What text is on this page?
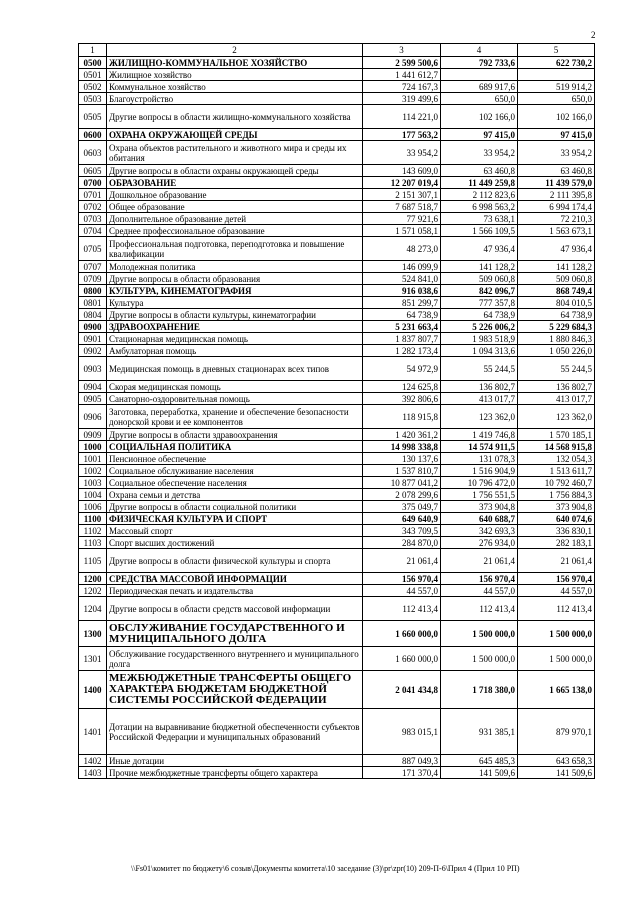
2
1	2	3	4	5
0500	ЖИЛИЩНО-КОММУНАЛЬНОЕ ХОЗЯЙСТВО	2 599 500,6	792 733,6	622 730,2
0501	Жилищное хозяйство	1 441 612,7		
0502	Коммунальное хозяйство	724 167,3	689 917,6	519 914,2
0503	Благоустройство	319 499,6	650,0	650,0
0505	Другие вопросы в области жилищно-коммунального хозяйства	114 221,0	102 166,0	102 166,0
0600	ОХРАНА ОКРУЖАЮЩЕЙ СРЕДЫ	177 563,2	97 415,0	97 415,0
0603	Охрана объектов растительного и животного мира и среды их обитания	33 954,2	33 954,2	33 954,2
0605	Другие вопросы в области охраны окружающей среды	143 609,0	63 460,8	63 460,8
0700	ОБРАЗОВАНИЕ	12 207 019,4	11 449 259,8	11 439 579,0
0701	Дошкольное образование	2 151 307,1	2 112 823,6	2 111 395,8
0702	Общее образование	7 687 518,7	6 998 563,2	6 994 174,4
0703	Дополнительное образование детей	77 921,6	73 638,1	72 210,3
0704	Среднее профессиональное образование	1 571 058,1	1 566 109,5	1 563 673,1
0705	Профессиональная подготовка, переподготовка и повышение квалификации	48 273,0	47 936,4	47 936,4
0707	Молодежная политика	146 099,9	141 128,2	141 128,2
0709	Другие вопросы в области образования	524 841,0	509 060,8	509 060,8
0800	КУЛЬТУРА, КИНЕМАТОГРАФИЯ	916 038,6	842 096,7	868 749,4
0801	Культура	851 299,7	777 357,8	804 010,5
0804	Другие вопросы в области культуры, кинематографии	64 738,9	64 738,9	64 738,9
0900	ЗДРАВООХРАНЕНИЕ	5 231 663,4	5 226 006,2	5 229 684,3
0901	Стационарная медицинская помощь	1 837 807,7	1 983 518,9	1 880 846,3
0902	Амбулаторная помощь	1 282 173,4	1 094 313,6	1 050 226,0
0903	Медицинская помощь в дневных стационарах всех типов	54 972,9	55 244,5	55 244,5
0904	Скорая медицинская помощь	124 625,8	136 802,7	136 802,7
0905	Санаторно-оздоровительная помощь	392 806,6	413 017,7	413 017,7
0906	Заготовка, переработка, хранение и обеспечение безопасности донорской крови и ее компонентов	118 915,8	123 362,0	123 362,0
0909	Другие вопросы в области здравоохранения	1 420 361,2	1 419 746,8	1 570 185,1
1000	СОЦИАЛЬНАЯ ПОЛИТИКА	14 998 338,8	14 574 911,5	14 568 915,8
1001	Пенсионное обеспечение	130 137,6	131 078,3	132 054,3
1002	Социальное обслуживание населения	1 537 810,7	1 516 904,9	1 513 611,7
1003	Социальное обеспечение населения	10 877 041,2	10 796 472,0	10 792 460,7
1004	Охрана семьи и детства	2 078 299,6	1 756 551,5	1 756 884,3
1006	Другие вопросы в области социальной политики	375 049,7	373 904,8	373 904,8
1100	ФИЗИЧЕСКАЯ КУЛЬТУРА И СПОРТ	649 640,9	640 688,7	640 074,6
1102	Массовый спорт	343 709,5	342 693,3	336 830,1
1103	Спорт высших достижений	284 870,0	276 934,0	282 183,1
1105	Другие вопросы в области физической культуры и спорта	21 061,4	21 061,4	21 061,4
1200	СРЕДСТВА МАССОВОЙ ИНФОРМАЦИИ	156 970,4	156 970,4	156 970,4
1202	Периодическая печать и издательства	44 557,0	44 557,0	44 557,0
1204	Другие вопросы в области средств массовой информации	112 413,4	112 413,4	112 413,4
1300	ОБСЛУЖИВАНИЕ ГОСУДАРСТВЕННОГО И МУНИЦИПАЛЬНОГО ДОЛГА	1 660 000,0	1 500 000,0	1 500 000,0
1301	Обслуживание государственного внутреннего и муниципального долга	1 660 000,0	1 500 000,0	1 500 000,0
1400	МЕЖБЮДЖЕТНЫЕ ТРАНСФЕРТЫ ОБЩЕГО ХАРАКТЕРА БЮДЖЕТАМ БЮДЖЕТНОЙ СИСТЕМЫ РОССИЙСКОЙ ФЕДЕРАЦИИ	2 041 434,8	1 718 380,0	1 665 138,0
1401	Дотации на выравнивание бюджетной обеспеченности субъектов Российской Федерации и муниципальных образований	983 015,1	931 385,1	879 970,1
1402	Иные дотации	887 049,3	645 485,3	643 658,3
1403	Прочие межбюджетные трансферты общего характера	171 370,4	141 509,6	141 509,6
\\Fs01\комитет по бюджету\6 созыв\Документы комитета\10 заседание (3)\pr\zpr(10) 209-П-6\Прил 4 (Прил 10 РП)
